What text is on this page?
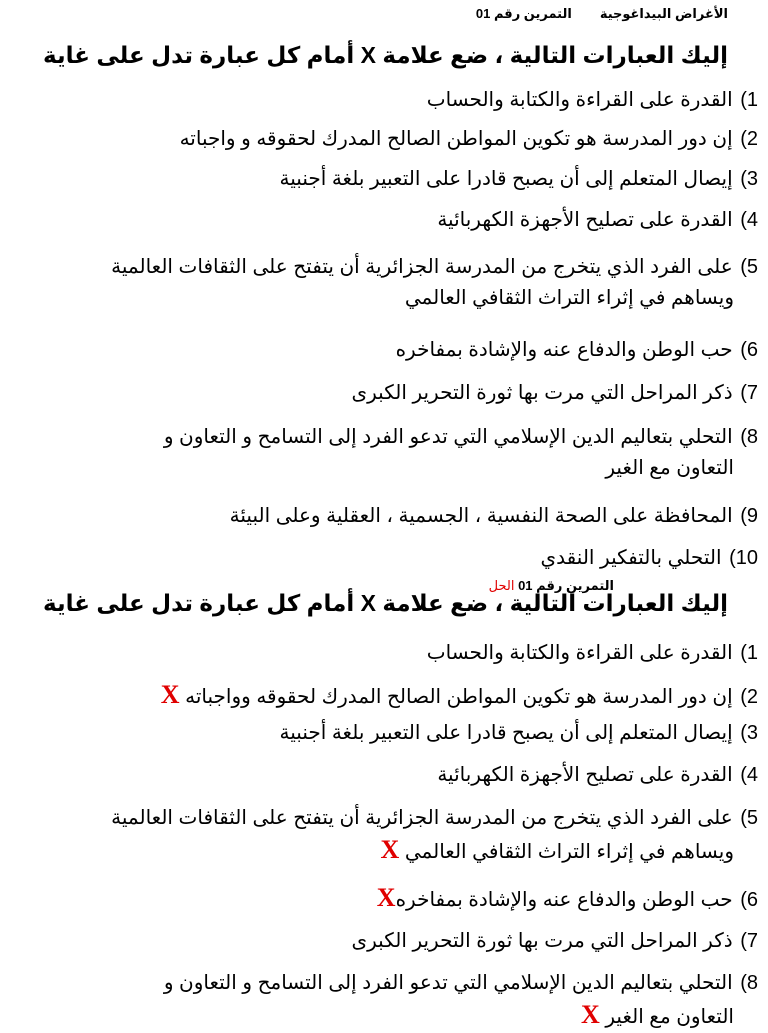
الأغراض البيداغوجية
التمرين رقم 01
إليك العبارات التالية ، ضع علامة X أمام كل عبارة تدل على غاية
1) القدرة على القراءة والكتابة والحساب
2) إن دور المدرسة هو تكوين المواطن الصالح المدرك لحقوقه و واجباته
3) إيصال المتعلم إلى أن يصبح قادرا على التعبير بلغة أجنبية
4) القدرة على تصليح الأجهزة الكهربائية
5) على الفرد الذي يتخرج من المدرسة الجزائرية أن يتفتح على الثقافات العالمية
ويساهم في إثراء التراث الثقافي العالمي
6) حب الوطن والدفاع عنه والإشادة بمفاخره
7) ذكر المراحل التي مرت بها ثورة التحرير الكبرى
8) التحلي بتعاليم الدين الإسلامي التي تدعو الفرد إلى التسامح و التعاون و
التعاون مع الغير
9) المحافظة على الصحة النفسية ، الجسمية ، العقلية وعلى البيئة
10) التحلي بالتفكير النقدي
التمرين رقم 01 الحل
إليك العبارات التالية ، ضع علامة X أمام كل عبارة تدل على غاية
1) القدرة على القراءة والكتابة والحساب
2) إن دور المدرسة هو تكوين المواطن الصالح المدرك لحقوقه وواجباته X
3) إيصال المتعلم إلى أن يصبح قادرا على التعبير بلغة أجنبية
4) القدرة على تصليح الأجهزة الكهربائية
5) على الفرد الذي يتخرج من المدرسة الجزائرية أن يتفتح على الثقافات العالمية
ويساهم في إثراء التراث الثقافي العالمي X
6) حب الوطن والدفاع عنه والإشادة بمفاخرهX
7) ذكر المراحل التي مرت بها ثورة التحرير الكبرى
8) التحلي بتعاليم الدين الإسلامي التي تدعو الفرد إلى التسامح و التعاون و
التعاون مع الغير X
